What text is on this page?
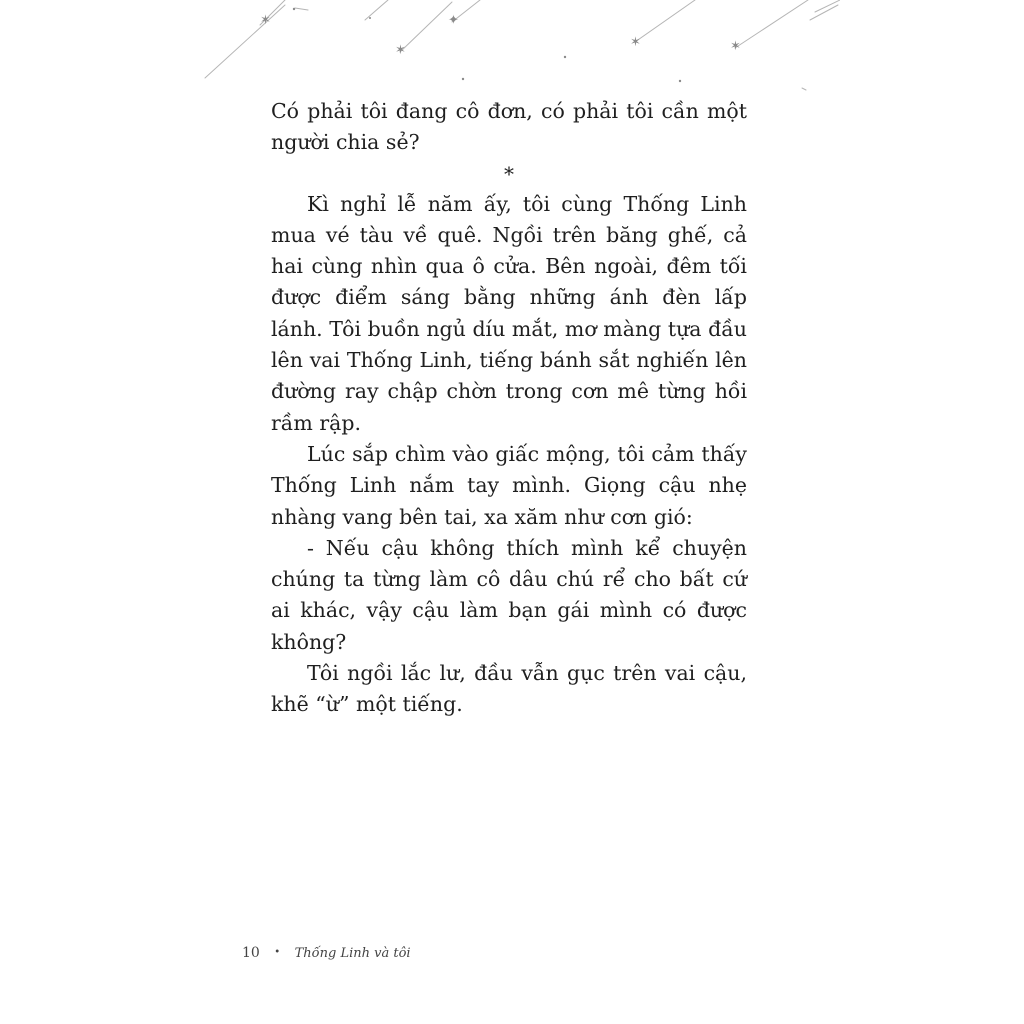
✶
✶
✶	✶
✦

Có phải tôi đang cô đơn, có phải tôi cần một người chia sẻ?

*

Kì nghỉ lễ năm ấy, tôi cùng Thống Linh mua vé tàu về quê. Ngồi trên băng ghế, cả hai cùng nhìn qua ô cửa. Bên ngoài, đêm tối được điểm sáng bằng những ánh đèn lấp lánh. Tôi buồn ngủ díu mắt, mơ màng tựa đầu lên vai Thống Linh, tiếng bánh sắt nghiến lên đường ray chập chờn trong cơn mê từng hồi rầm rập.

Lúc sắp chìm vào giấc mộng, tôi cảm thấy Thống Linh nắm tay mình. Giọng cậu nhẹ nhàng vang bên tai, xa xăm như cơn gió:

- Nếu cậu không thích mình kể chuyện chúng ta từng làm cô dâu chú rể cho bất cứ ai khác, vậy cậu làm bạn gái mình có được không?

Tôi ngồi lắc lư, đầu vẫn gục trên vai cậu, khẽ “ừ” một tiếng.

10 • Thống Linh và tôi
